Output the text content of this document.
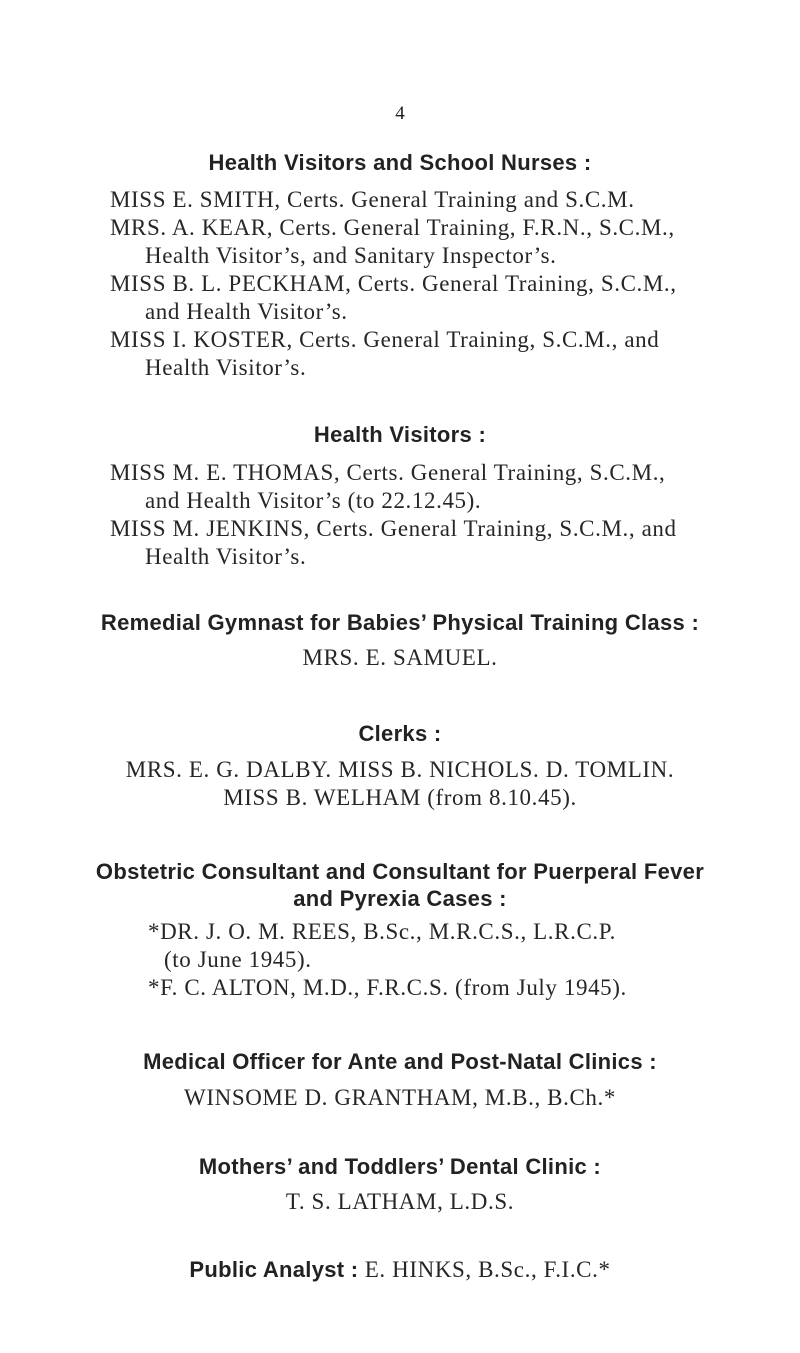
4
Health Visitors and School Nurses :
MISS E. SMITH, Certs. General Training and S.C.M.
MRS. A. KEAR, Certs. General Training, F.R.N., S.C.M.,
Health Visitor’s, and Sanitary Inspector’s.
MISS B. L. PECKHAM, Certs. General Training, S.C.M.,
and Health Visitor’s.
MISS I. KOSTER, Certs. General Training, S.C.M., and
Health Visitor’s.
Health Visitors :
MISS M. E. THOMAS, Certs. General Training, S.C.M.,
and Health Visitor’s (to 22.12.45).
MISS M. JENKINS, Certs. General Training, S.C.M., and
Health Visitor’s.
Remedial Gymnast for Babies’ Physical Training Class :
MRS. E. SAMUEL.
Clerks :
MRS. E. G. DALBY. MISS B. NICHOLS. D. TOMLIN.
MISS B. WELHAM (from 8.10.45).
Obstetric Consultant and Consultant for Puerperal Fever
and Pyrexia Cases :
*DR. J. O. M. REES, B.Sc., M.R.C.S., L.R.C.P.
(to June 1945).
*F. C. ALTON, M.D., F.R.C.S. (from July 1945).
Medical Officer for Ante and Post-Natal Clinics :
WINSOME D. GRANTHAM, M.B., B.Ch.*
Mothers’ and Toddlers’ Dental Clinic :
T. S. LATHAM, L.D.S.
Public Analyst : E. HINKS, B.Sc., F.I.C.*
